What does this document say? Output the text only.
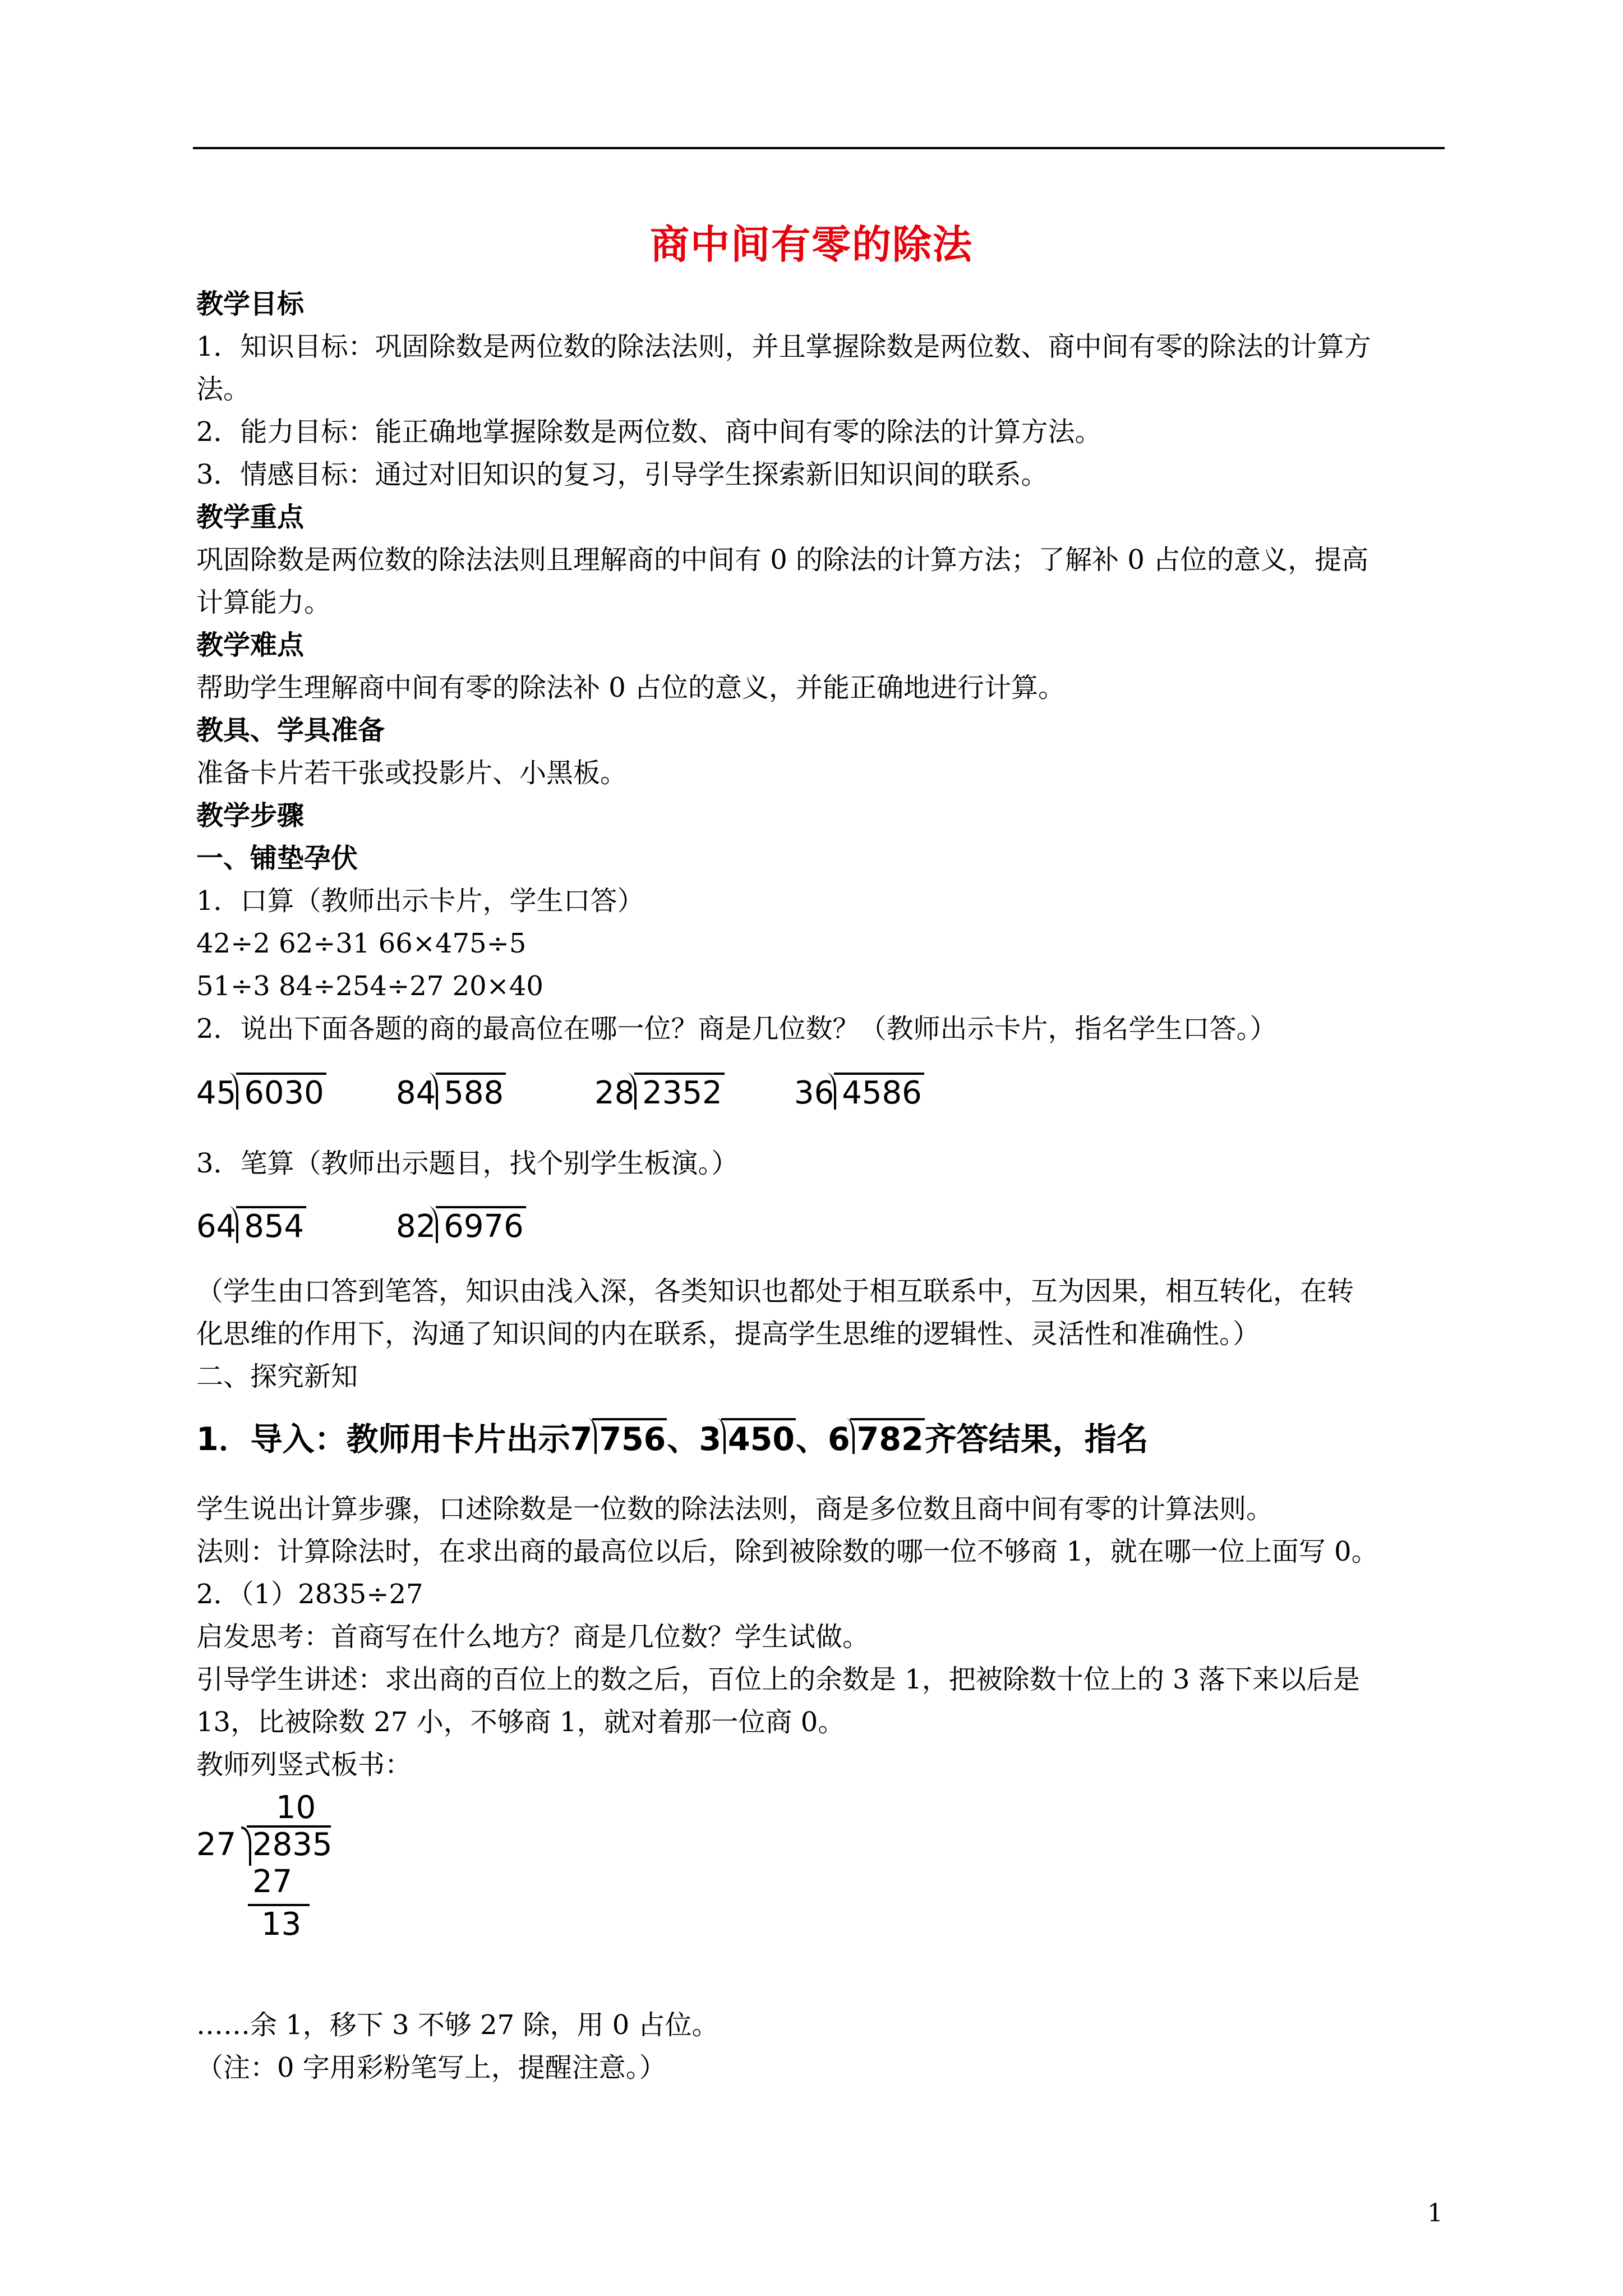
商中间有零的除法
教学目标
1．知识目标：巩固除数是两位数的除法法则，并且掌握除数是两位数、商中间有零的除法的计算方
法。
2．能力目标：能正确地掌握除数是两位数、商中间有零的除法的计算方法。
3．情感目标：通过对旧知识的复习，引导学生探索新旧知识间的联系。
教学重点
巩固除数是两位数的除法法则且理解商的中间有 0 的除法的计算方法；了解补 0 占位的意义，提高
计算能力。
教学难点
帮助学生理解商中间有零的除法补 0 占位的意义，并能正确地进行计算。
教具、学具准备
准备卡片若干张或投影片、小黑板。
教学步骤
一、铺垫孕伏
1．口算（教师出示卡片，学生口答）
42÷2 62÷31 66×475÷5
51÷3 84÷254÷27 20×40
2．说出下面各题的商的最高位在哪一位？商是几位数？（教师出示卡片，指名学生口答。）
45 6030 84 588	28 2352 36 4586
3．笔算（教师出示题目，找个别学生板演。）
64 854	82 6976
（学生由口答到笔答，知识由浅入深，各类知识也都处于相互联系中，互为因果，相互转化，在转
化思维的作用下，沟通了知识间的内在联系，提高学生思维的逻辑性、灵活性和准确性。）
二、探究新知
1．导入：教师用卡片出示7 756、3 450、6 782齐答结果，指名
学生说出计算步骤，口述除数是一位数的除法法则，商是多位数且商中间有零的计算法则。
法则：计算除法时，在求出商的最高位以后，除到被除数的哪一位不够商 1，就在哪一位上面写 0。
2．（1）2835÷27
启发思考：首商写在什么地方？商是几位数？学生试做。
引导学生讲述：求出商的百位上的数之后，百位上的余数是 1，把被除数十位上的 3 落下来以后是
13，比被除数 27 小，不够商 1，就对着那一位商 0。
教师列竖式板书：
10
27 2835
27
13
……余 1，移下 3 不够 27 除，用 0 占位。
（注：0 字用彩粉笔写上，提醒注意。）
1
